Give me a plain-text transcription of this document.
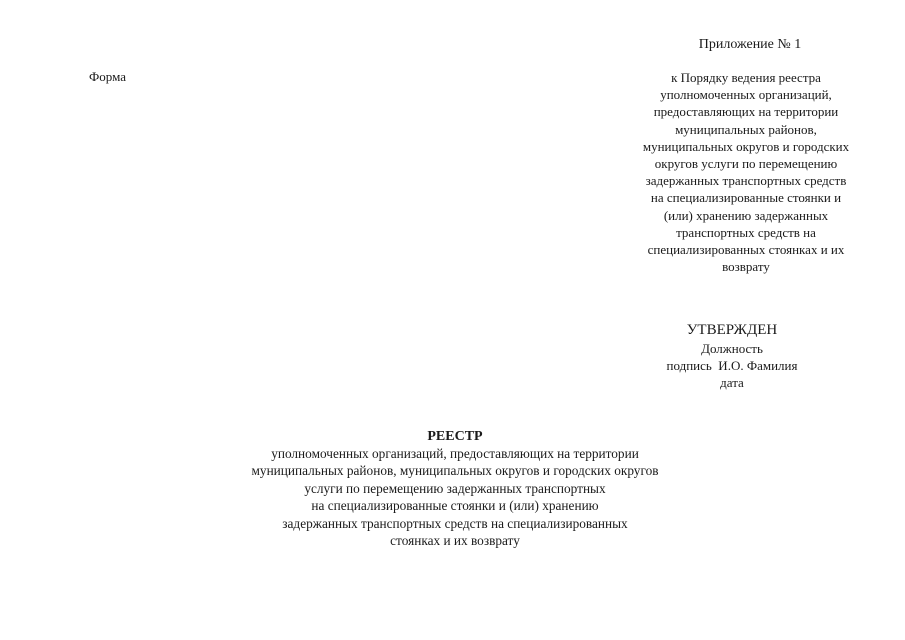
Приложение № 1
Форма	к Порядку ведения реестра
уполномоченных организаций,
предоставляющих на территории
муниципальных районов,
муниципальных округов и городских
округов услуги по перемещению
задержанных транспортных средств
на специализированные стоянки и
(или) хранению задержанных
транспортных средств на
специализированных стоянках и их
возврату

УТВЕРЖДЕН
Должность
подпись  И.О. Фамилия
дата
РЕЕСТР

уполномоченных организаций, предоставляющих на территории
муниципальных районов, муниципальных округов и городских округов
услуги по перемещению задержанных транспортных
на специализированные стоянки и (или) хранению
задержанных транспортных средств на специализированных
стоянках и их возврату
